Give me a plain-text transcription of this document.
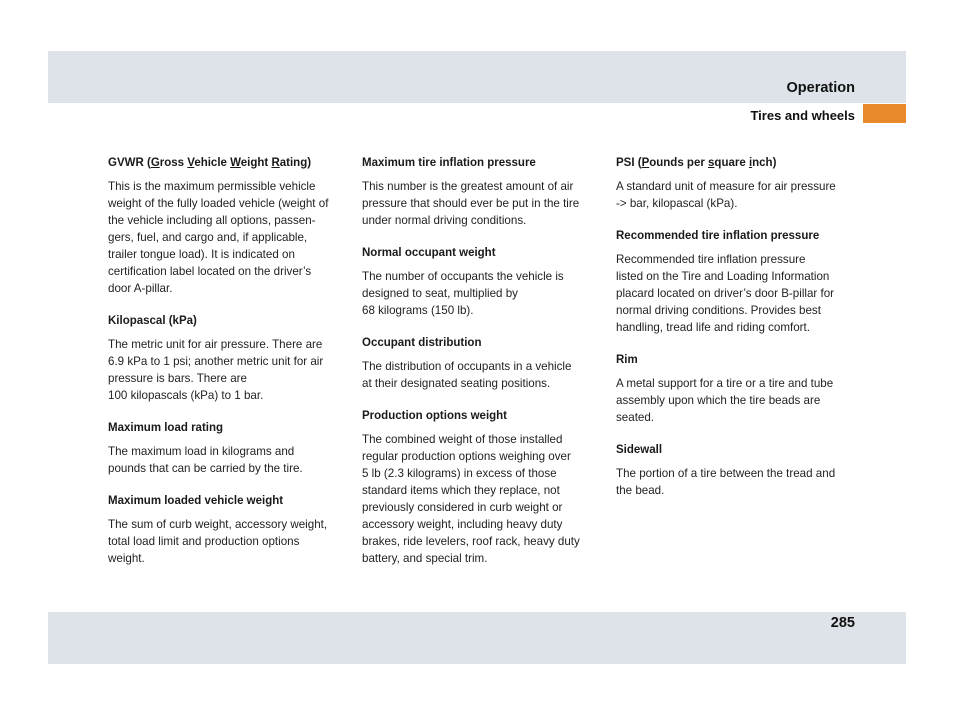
Operation
Tires and wheels
GVWR (Gross Vehicle Weight Rating)

This is the maximum permissible vehicle
weight of the fully loaded vehicle (weight of
the vehicle including all options, passen-
gers, fuel, and cargo and, if applicable,
trailer tongue load). It is indicated on
certification label located on the driver’s
door A-pillar.

Kilopascal (kPa)

The metric unit for air pressure. There are
6.9 kPa to 1 psi; another metric unit for air
pressure is bars. There are
100 kilopascals (kPa) to 1 bar.

Maximum load rating

The maximum load in kilograms and
pounds that can be carried by the tire.

Maximum loaded vehicle weight

The sum of curb weight, accessory weight,
total load limit and production options
weight.

Maximum tire inflation pressure

This number is the greatest amount of air
pressure that should ever be put in the tire
under normal driving conditions.

Normal occupant weight

The number of occupants the vehicle is
designed to seat, multiplied by
68 kilograms (150 lb).

Occupant distribution

The distribution of occupants in a vehicle
at their designated seating positions.

Production options weight

The combined weight of those installed
regular production options weighing over
5 lb (2.3 kilograms) in excess of those
standard items which they replace, not
previously considered in curb weight or
accessory weight, including heavy duty
brakes, ride levelers, roof rack, heavy duty
battery, and special trim.

PSI (Pounds per square inch)

A standard unit of measure for air pressure
-> bar, kilopascal (kPa).

Recommended tire inflation pressure

Recommended tire inflation pressure
listed on the Tire and Loading Information
placard located on driver’s door B-pillar for
normal driving conditions. Provides best
handling, tread life and riding comfort.

Rim

A metal support for a tire or a tire and tube
assembly upon which the tire beads are
seated.

Sidewall

The portion of a tire between the tread and
the bead.

285
